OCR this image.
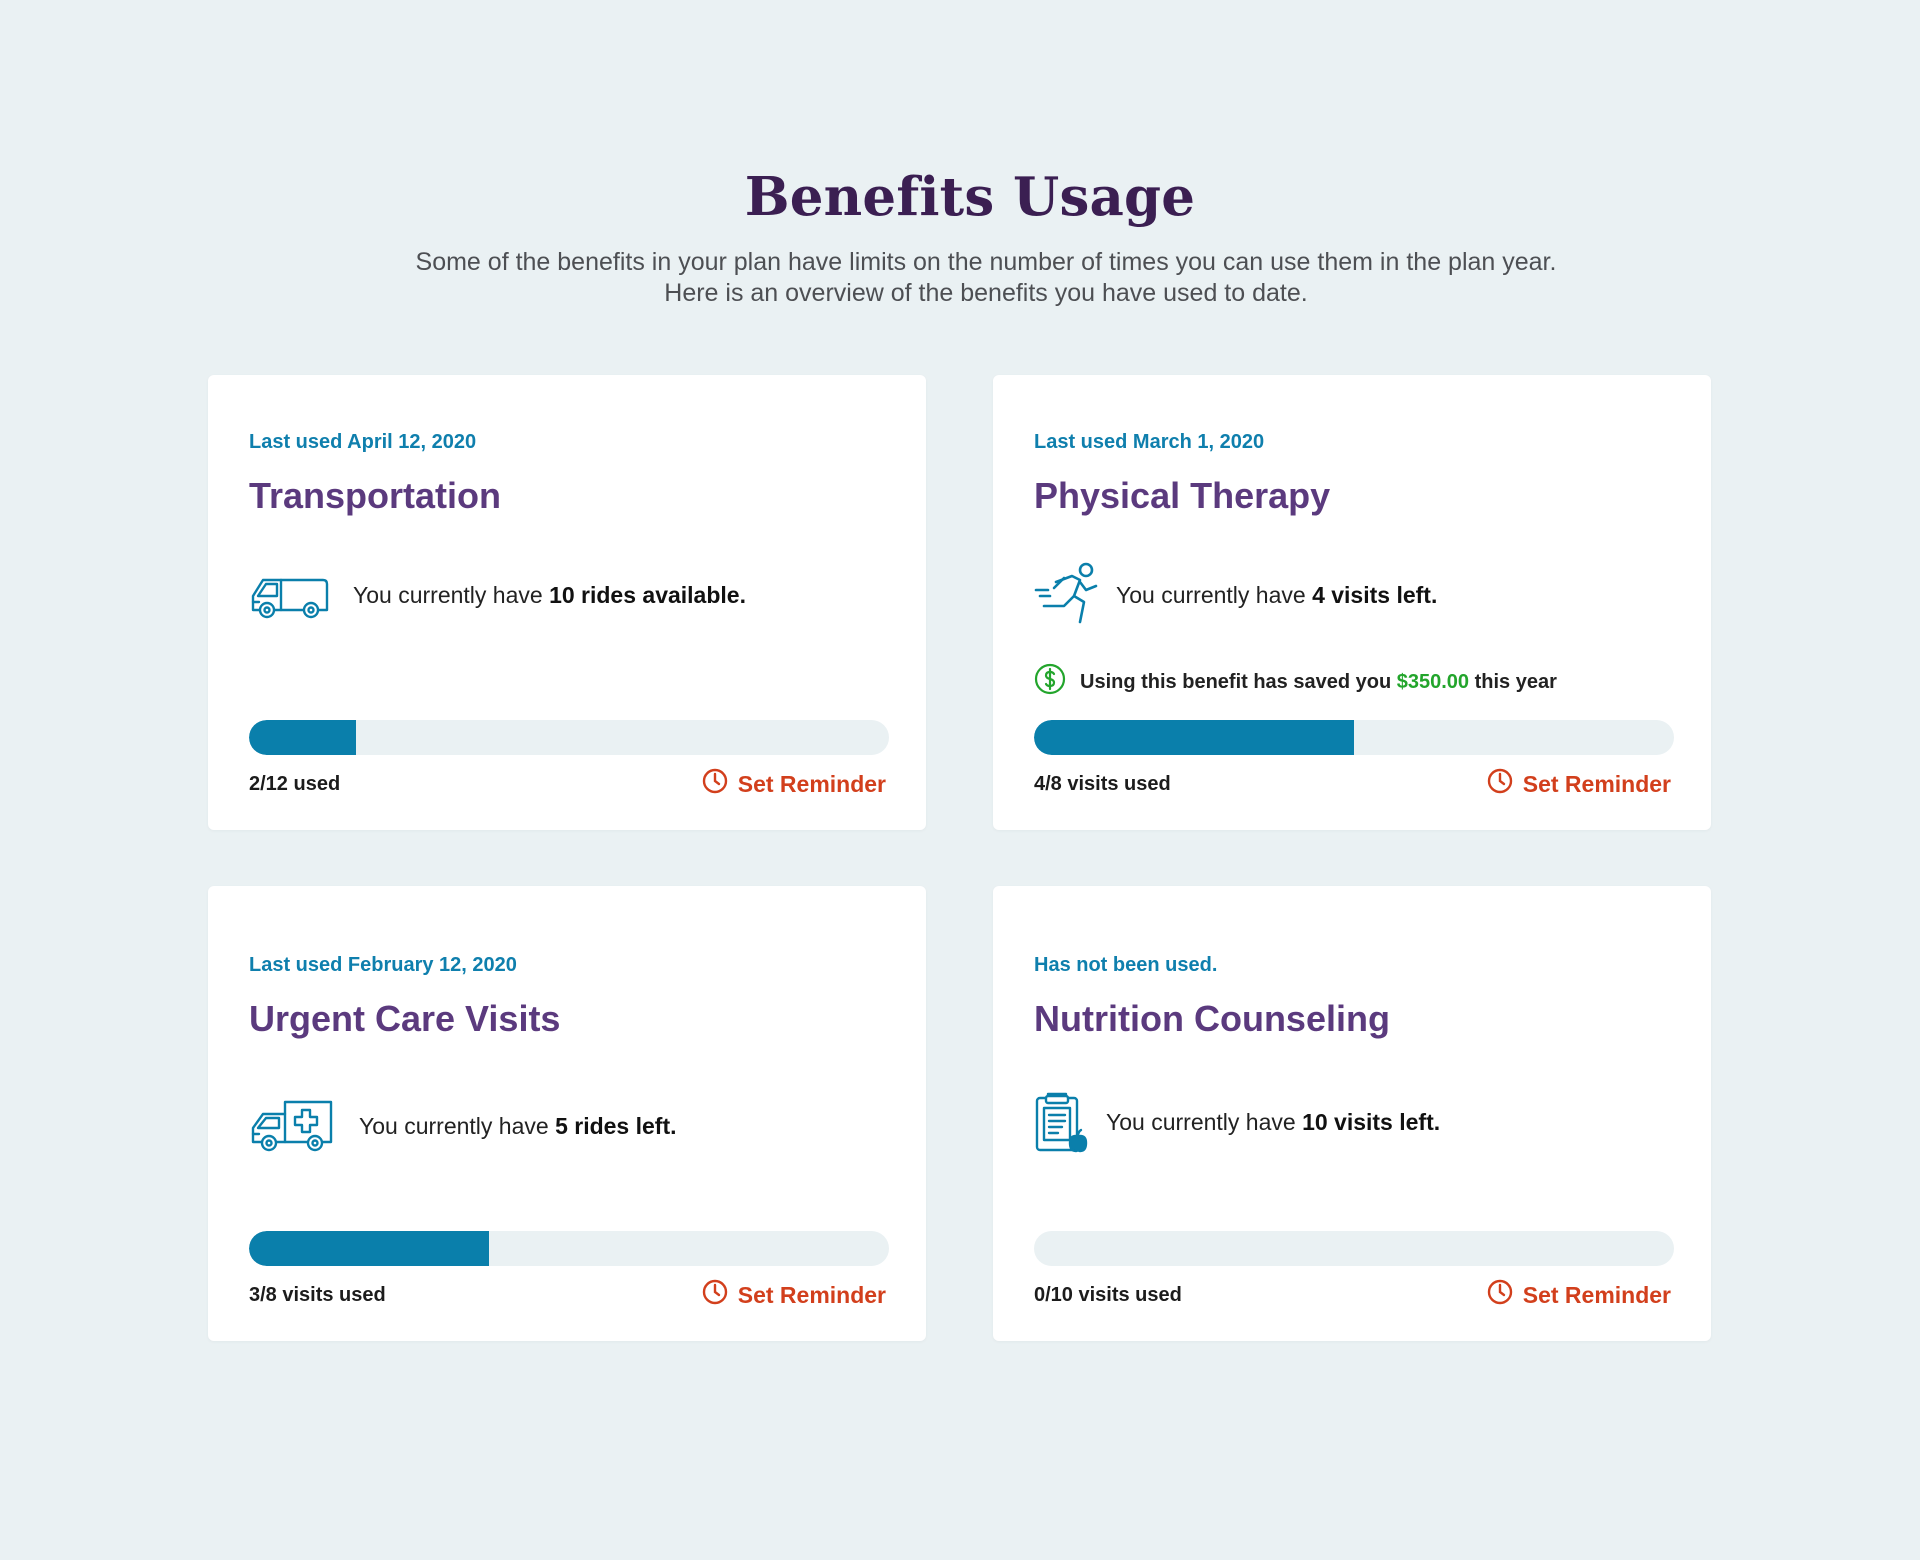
Benefits Usage
Some of the benefits in your plan have limits on the number of times you can use them in the plan year.
Here is an overview of the benefits you have used to date.
Last used April 12, 2020
Transportation
You currently have 10 rides available.
2/12 used	Set Reminder
Last used March 1, 2020
Physical Therapy
You currently have 4 visits left.
Using this benefit has saved you
$350.00
this year
4/8 visits used	Set Reminder
Last used February 12, 2020
Urgent Care Visits
You currently have 5 rides left.
3/8 visits used	Set Reminder
Has not been used.
Nutrition Counseling
You currently have 10 visits left.
0/10 visits used	Set Reminder
